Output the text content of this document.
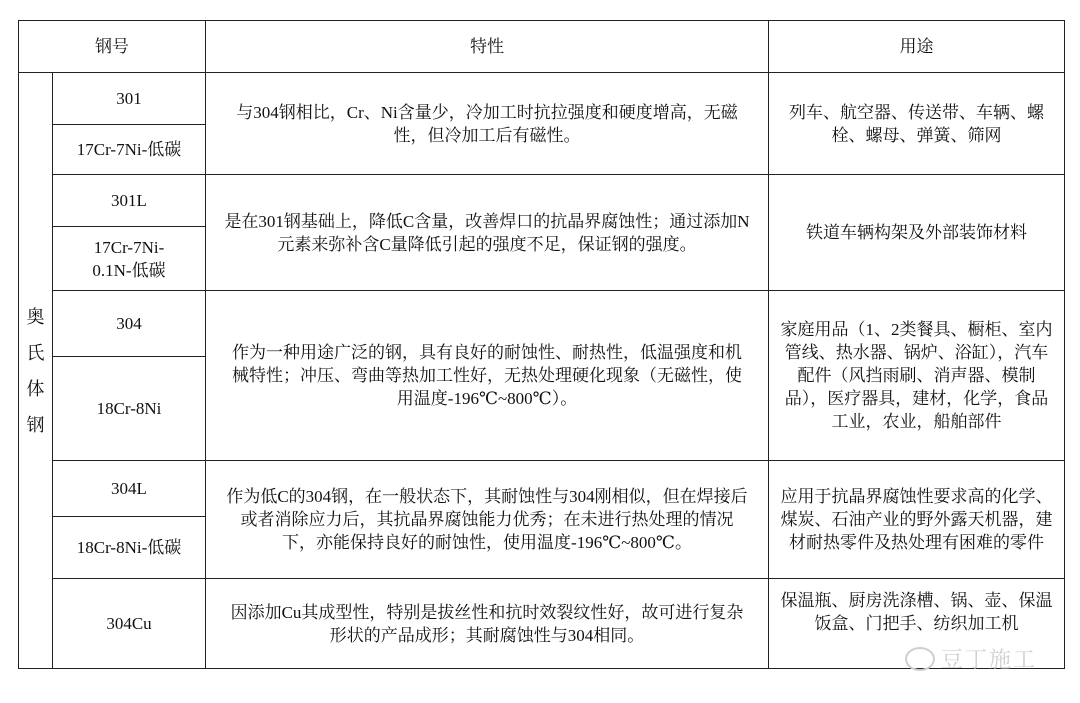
钢号		特性	用途

奥
氏
体
钢	301	与304钢相比，Cr、Ni含量少，冷加工时抗拉强度和硬度增高，无磁性，但冷加工后有磁性。	列车、航空器、传送带、车辆、螺栓、螺母、弹簧、筛网
	17Cr-7Ni-低碳		
	301L	是在301钢基础上，降低C含量，改善焊口的抗晶界腐蚀性；通过添加N元素来弥补含C量降低引起的强度不足，保证钢的强度。	铁道车辆构架及外部装饰材料
	17Cr-7Ni-0.1N-低碳		
	304	作为一种用途广泛的钢，具有良好的耐蚀性、耐热性，低温强度和机械特性；冲压、弯曲等热加工性好，无热处理硬化现象（无磁性，使用温度-196℃~800℃）。	家庭用品（1、2类餐具、橱柜、室内管线、热水器、锅炉、浴缸），汽车配件（风挡雨刷、消声器、模制品），医疗器具，建材，化学，食品工业，农业，船舶部件
	18Cr-8Ni		
	304L	作为低C的304钢，在一般状态下，其耐蚀性与304刚相似，但在焊接后或者消除应力后，其抗晶界腐蚀能力优秀；在未进行热处理的情况下，亦能保持良好的耐蚀性，使用温度-196℃~800℃。	应用于抗晶界腐蚀性要求高的化学、煤炭、石油产业的野外露天机器，建材耐热零件及热处理有困难的零件
	18Cr-8Ni-低碳		
	304Cu	因添加Cu其成型性，特别是拔丝性和抗时效裂纹性好，故可进行复杂形状的产品成形；其耐腐蚀性与304相同。	保温瓶、厨房洗涤槽、锅、壶、保温饭盒、门把手、纺织加工机
豆丁施工
